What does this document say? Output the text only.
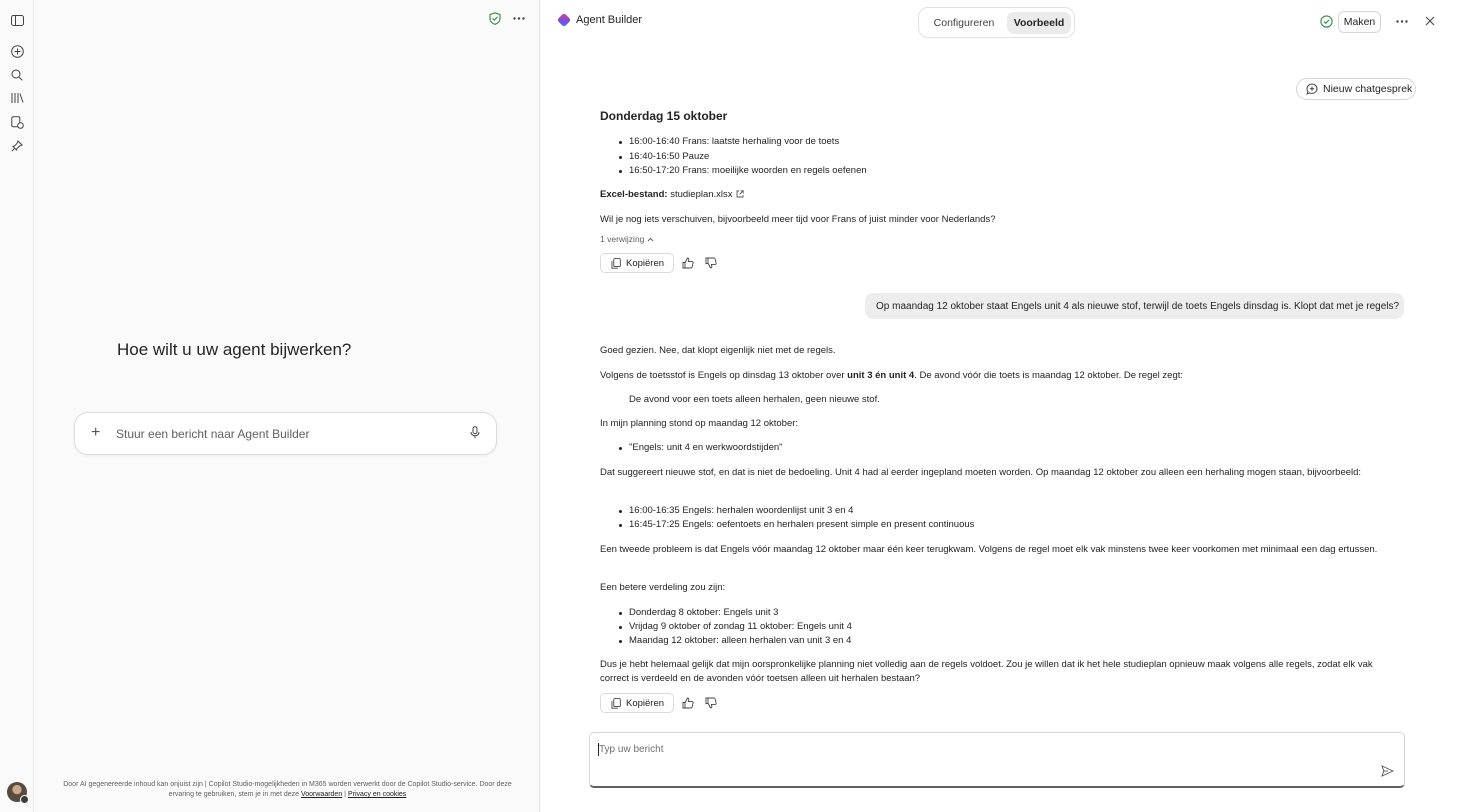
Hoe wilt u uw agent bijwerken?
+ Stuur een bericht naar Agent Builder
Door AI gegenereerde inhoud kan onjuist zijn | Copilot Studio-mogelijkheden in M365 worden verwerkt door de Copilot Studio-service. Door deze ervaring te gebruiken, stem je in met deze Voorwaarden | Privacy en cookies
Agent Builder	Configureren	Voorbeeld	Maken
Nieuw chatgesprek
Donderdag 15 oktober
16:00-16:40 Frans: laatste herhaling voor de toets
16:40-16:50 Pauze
16:50-17:20 Frans: moeilijke woorden en regels oefenen
Excel-bestand: studieplan.xlsx
Wil je nog iets verschuiven, bijvoorbeeld meer tijd voor Frans of juist minder voor Nederlands?
1 verwijzing
Kopiëren
Op maandag 12 oktober staat Engels unit 4 als nieuwe stof, terwijl de toets Engels dinsdag is. Klopt dat met je regels?
Goed gezien. Nee, dat klopt eigenlijk niet met de regels.
Volgens de toetsstof is Engels op dinsdag 13 oktober over unit 3 én unit 4. De avond vóór die toets is maandag 12 oktober. De regel zegt:
De avond voor een toets alleen herhalen, geen nieuwe stof.
In mijn planning stond op maandag 12 oktober:
"Engels: unit 4 en werkwoordstijden"
Dat suggereert nieuwe stof, en dat is niet de bedoeling. Unit 4 had al eerder ingepland moeten worden. Op maandag 12 oktober zou alleen een herhaling mogen staan, bijvoorbeeld:
16:00-16:35 Engels: herhalen woordenlijst unit 3 en 4
16:45-17:25 Engels: oefentoets en herhalen present simple en present continuous
Een tweede probleem is dat Engels vóór maandag 12 oktober maar één keer terugkwam. Volgens de regel moet elk vak minstens twee keer voorkomen met minimaal een dag ertussen.
Een betere verdeling zou zijn:
Donderdag 8 oktober: Engels unit 3
Vrijdag 9 oktober of zondag 11 oktober: Engels unit 4
Maandag 12 oktober: alleen herhalen van unit 3 en 4
Dus je hebt helemaal gelijk dat mijn oorspronkelijke planning niet volledig aan de regels voldoet. Zou je willen dat ik het hele studieplan opnieuw maak volgens alle regels, zodat elk vak correct is verdeeld en de avonden vóór toetsen alleen uit herhalen bestaan?
Kopiëren
Typ uw bericht
